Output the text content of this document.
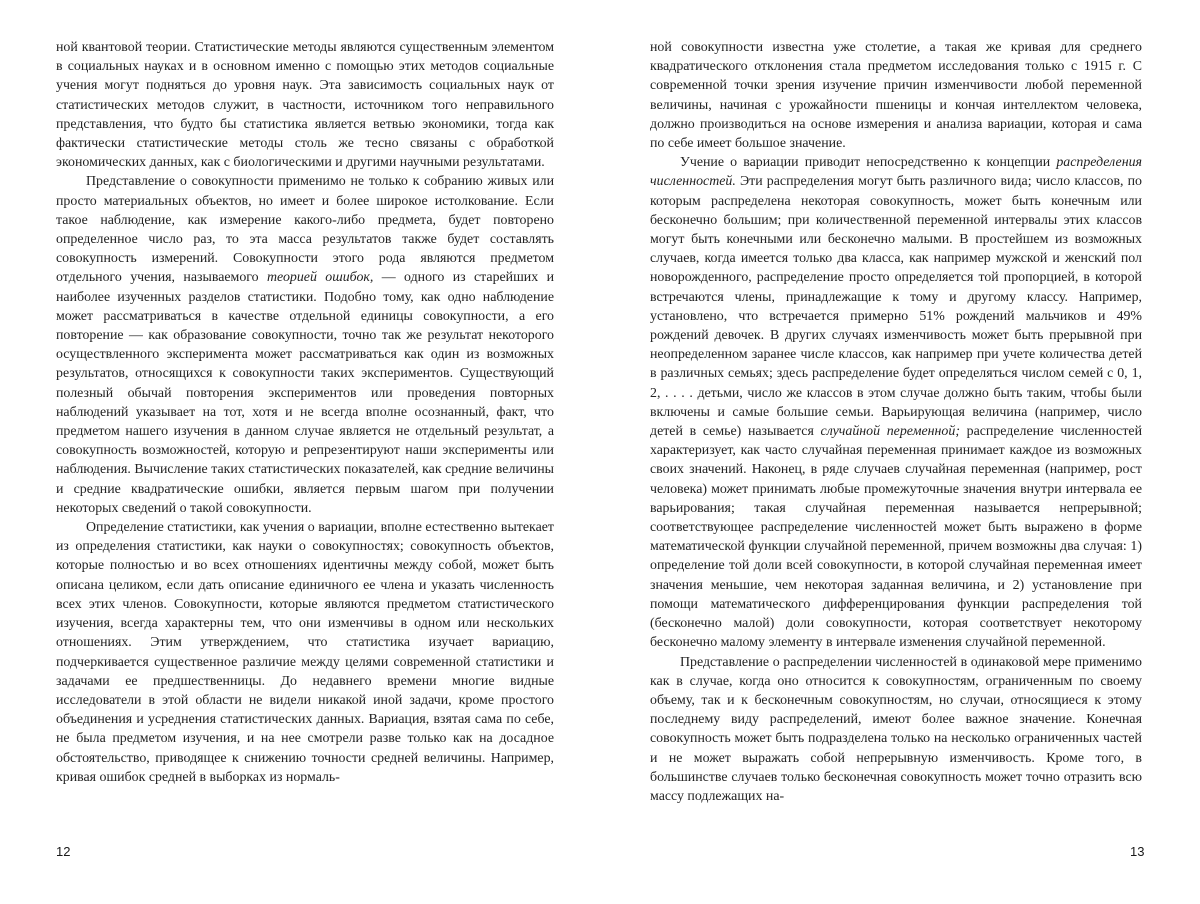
ной квантовой теории. Статистические методы являются существенным элементом в социальных науках и в основном именно с помощью этих методов социальные учения могут подняться до уровня наук. Эта зависимость социальных наук от статистических методов служит, в частности, источником того неправильного представления, что будто бы статистика является ветвью экономики, тогда как фактически статистические методы столь же тесно связаны с обработкой экономических данных, как с биологическими и другими научными результатами.

Представление о совокупности применимо не только к собранию живых или просто материальных объектов, но имеет и более широкое истолкование. Если такое наблюдение, как измерение какого-либо предмета, будет повторено определенное число раз, то эта масса результатов также будет составлять совокупность измерений. Совокупности этого рода являются предметом отдельного учения, называемого теорией ошибок, — одного из старейших и наиболее изученных разделов статистики. Подобно тому, как одно наблюдение может рассматриваться в качестве отдельной единицы совокупности, а его повторение — как образование совокупности, точно так же результат некоторого осуществленного эксперимента может рассматриваться как один из возможных результатов, относящихся к совокупности таких экспериментов. Существующий полезный обычай повторения экспериментов или проведения повторных наблюдений указывает на тот, хотя и не всегда вполне осознанный, факт, что предметом нашего изучения в данном случае является не отдельный результат, а совокупность возможностей, которую и репрезентируют наши эксперименты или наблюдения. Вычисление таких статистических показателей, как средние величины и средние квадратические ошибки, является первым шагом при получении некоторых сведений о такой совокупности.

Определение статистики, как учения о вариации, вполне естественно вытекает из определения статистики, как науки о совокупностях; совокупность объектов, которые полностью и во всех отношениях идентичны между собой, может быть описана целиком, если дать описание единичного ее члена и указать численность всех этих членов. Совокупности, которые являются предметом статистического изучения, всегда характерны тем, что они изменчивы в одном или нескольких отношениях. Этим утверждением, что статистика изучает вариацию, подчеркивается существенное различие между целями современной статистики и задачами ее предшественницы. До недавнего времени многие видные исследователи в этой области не видели никакой иной задачи, кроме простого объединения и усреднения статистических данных. Вариация, взятая сама по себе, не была предметом изучения, и на нее смотрели разве только как на досадное обстоятельство, приводящее к снижению точности средней величины. Например, кривая ошибок средней в выборках из нормаль-

ной совокупности известна уже столетие, а такая же кривая для среднего квадратического отклонения стала предметом исследования только с 1915 г. С современной точки зрения изучение причин изменчивости любой переменной величины, начиная с урожайности пшеницы и кончая интеллектом человека, должно производиться на основе измерения и анализа вариации, которая и сама по себе имеет большое значение.

Учение о вариации приводит непосредственно к концепции распределения численностей. Эти распределения могут быть различного вида; число классов, по которым распределена некоторая совокупность, может быть конечным или бесконечно большим; при количественной переменной интервалы этих классов могут быть конечными или бесконечно малыми. В простейшем из возможных случаев, когда имеется только два класса, как например мужской и женский пол новорожденного, распределение просто определяется той пропорцией, в которой встречаются члены, принадлежащие к тому и другому классу. Например, установлено, что встречается примерно 51% рождений мальчиков и 49% рождений девочек. В других случаях изменчивость может быть прерывной при неопределенном заранее числе классов, как например при учете количества детей в различных семьях; здесь распределение будет определяться числом семей с 0, 1, 2, . . . . детьми, число же классов в этом случае должно быть таким, чтобы были включены и самые большие семьи. Варьирующая величина (например, число детей в семье) называется случайной переменной; распределение численностей характеризует, как часто случайная переменная принимает каждое из возможных своих значений. Наконец, в ряде случаев случайная переменная (например, рост человека) может принимать любые промежуточные значения внутри интервала ее варьирования; такая случайная переменная называется непрерывной; соответствующее распределение численностей может быть выражено в форме математической функции случайной переменной, причем возможны два случая: 1) определение той доли всей совокупности, в которой случайная переменная имеет значения меньшие, чем некоторая заданная величина, и 2) установление при помощи математического дифференцирования функции распределения той (бесконечно малой) доли совокупности, которая соответствует некоторому бесконечно малому элементу в интервале изменения случайной переменной.

Представление о распределении численностей в одинаковой мере применимо как в случае, когда оно относится к совокупностям, ограниченным по своему объему, так и к бесконечным совокупностям, но случаи, относящиеся к этому последнему виду распределений, имеют более важное значение. Конечная совокупность может быть подразделена только на несколько ограниченных частей и не может выражать собой непрерывную изменчивость. Кроме того, в большинстве случаев только бесконечная совокупность может точно отразить всю массу подлежащих на-

12	13
